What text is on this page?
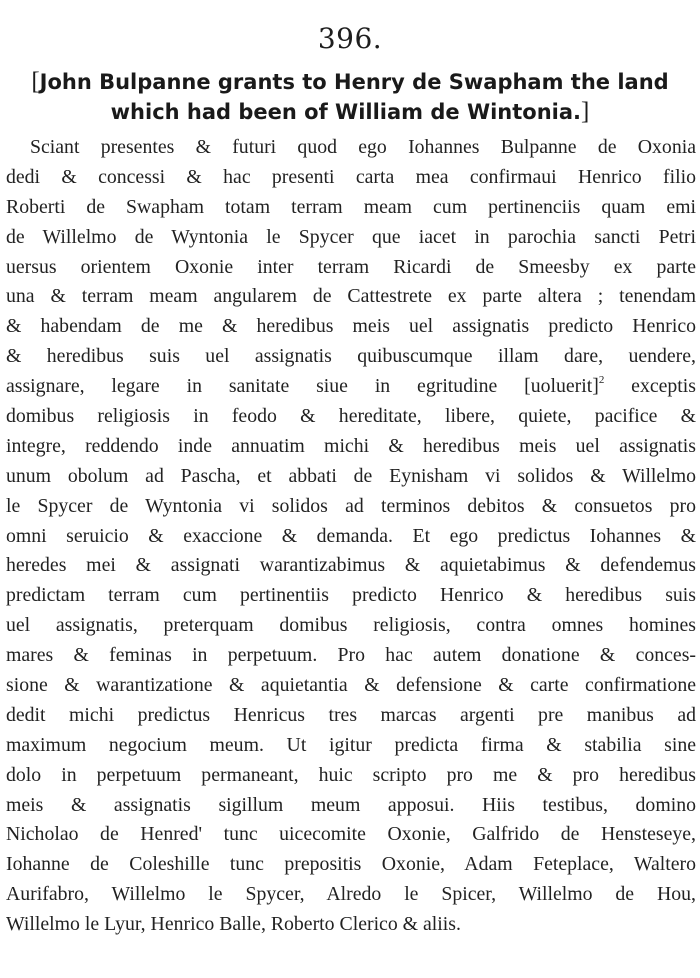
396.
[John Bulpanne grants to Henry de Swapham the land
which had been of William de Wintonia.]
Sciant presentes & futuri quod ego Iohannes Bulpanne de Oxonia
dedi & concessi & hac presenti carta mea confirmaui Henrico filio
Roberti de Swapham totam terram meam cum pertinenciis quam emi
de Willelmo de Wyntonia le Spycer que iacet in parochia sancti Petri
uersus orientem Oxonie inter terram Ricardi de Smeesby ex parte
una & terram meam angularem de Cattestrete ex parte altera ; tenendam
& habendam de me & heredibus meis uel assignatis predicto Henrico
& heredibus suis uel assignatis quibuscumque illam dare, uendere,
assignare, legare in sanitate siue in egritudine [uoluerit]$^2$ exceptis
domibus religiosis in feodo & hereditate, libere, quiete, pacifice &
integre, reddendo inde annuatim michi & heredibus meis uel assignatis
unum obolum ad Pascha, et abbati de Eynisham vi solidos & Willelmo
le Spycer de Wyntonia vi solidos ad terminos debitos & consuetos pro
omni seruicio & exaccione & demanda. Et ego predictus Iohannes &
heredes mei & assignati warantizabimus & aquietabimus & defendemus
predictam terram cum pertinentiis predicto Henrico & heredibus suis
uel assignatis, preterquam domibus religiosis, contra omnes homines
mares & feminas in perpetuum. Pro hac autem donatione & conces-
sione & warantizatione & aquietantia & defensione & carte confirmatione
dedit michi predictus Henricus tres marcas argenti pre manibus ad
maximum negocium meum. Ut igitur predicta firma & stabilia sine
dolo in perpetuum permaneant, huic scripto pro me & pro heredibus
meis & assignatis sigillum meum apposui. Hiis testibus, domino
Nicholao de Henred' tunc uicecomite Oxonie, Galfrido de Hensteseye,
Iohanne de Coleshille tunc prepositis Oxonie, Adam Feteplace, Waltero
Aurifabro, Willelmo le Spycer, Alredo le Spicer, Willelmo de Hou,
Willelmo le Lyur, Henrico Balle, Roberto Clerico & aliis.
